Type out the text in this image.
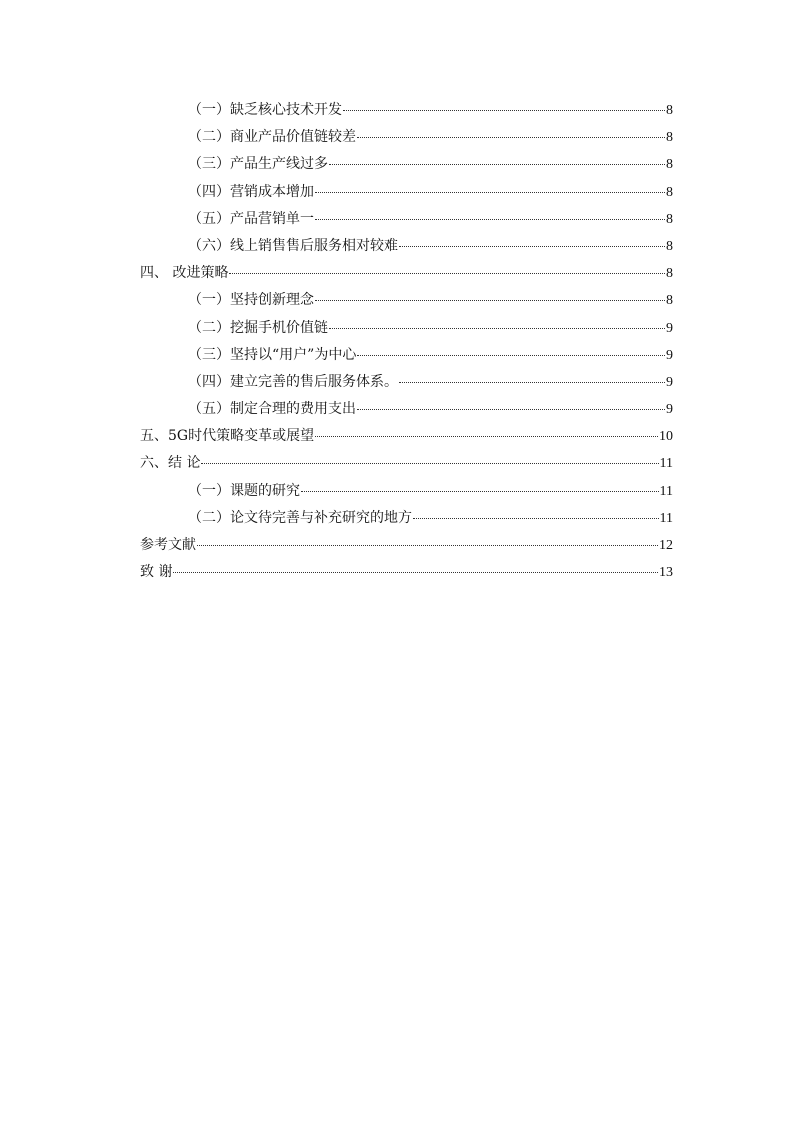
（一）缺乏核心技术开发	8
（二）商业产品价值链较差	8
（三）产品生产线过多	8
（四）营销成本增加	8
（五）产品营销单一	8
（六）线上销售售后服务相对较难	8
四、 改进策略	8
（一）坚持创新理念	8
（二）挖掘手机价值链	9
（三）坚持以“用户”为中心	9
（四）建立完善的售后服务体系。	9
（五）制定合理的费用支出	9
五、5G时代策略变革或展望	10
六、结 论	11
（一）课题的研究	11
（二）论文待完善与补充研究的地方	11
参考文献	12
致 谢	13
